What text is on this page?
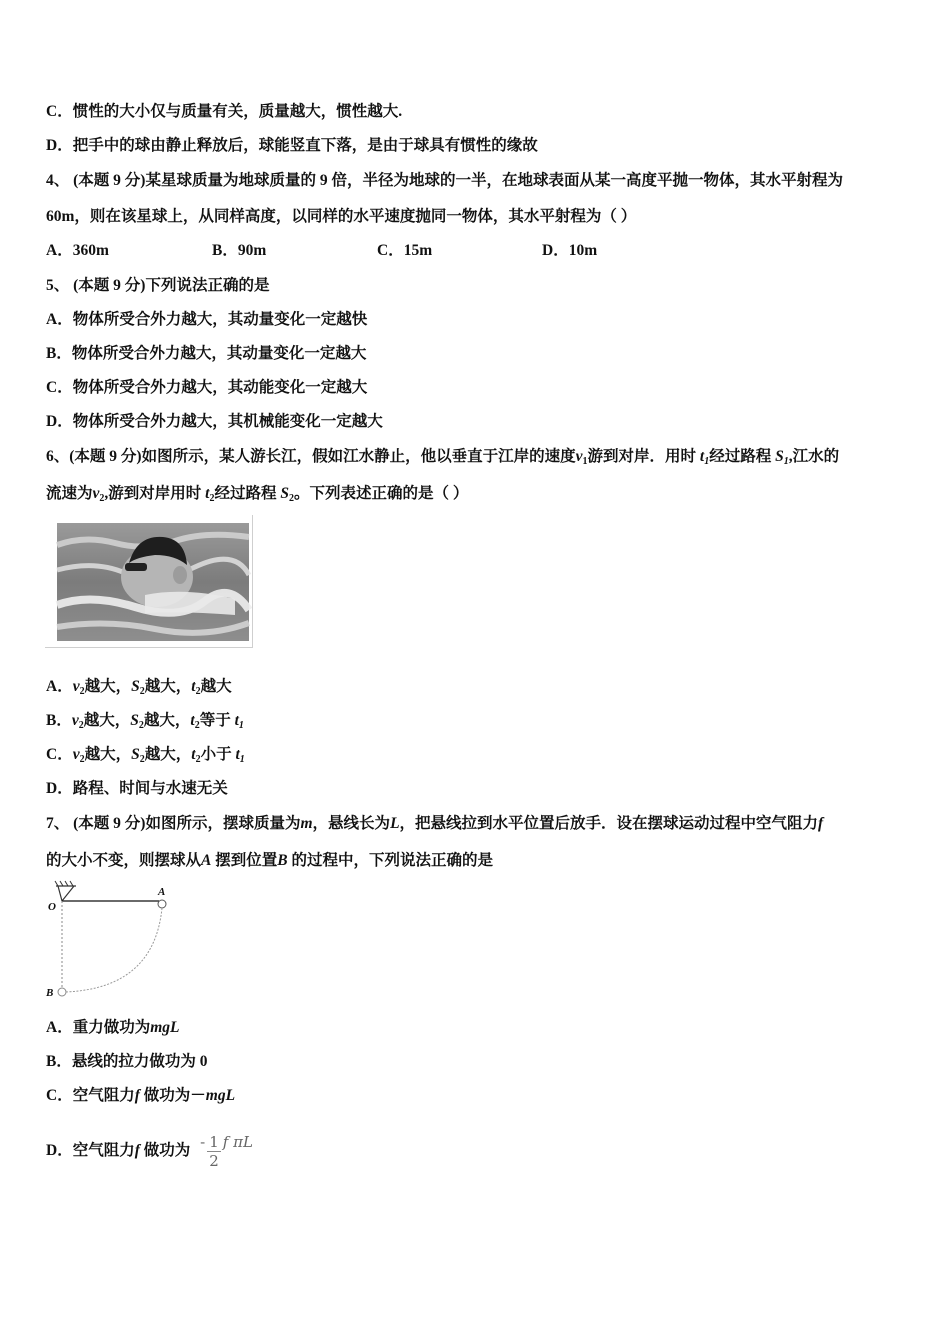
C．惯性的大小仅与质量有关，质量越大，惯性越大.
D．把手中的球由静止释放后，球能竖直下落，是由于球具有惯性的缘故
4、 (本题 9 分)某星球质量为地球质量的 9 倍，半径为地球的一半，在地球表面从某一高度平抛一物体，其水平射程为
60m，则在该星球上，从同样高度，以同样的水平速度抛同一物体，其水平射程为（ ）
A．360m	B．90m	C．15m	D．10m
5、 (本题 9 分)下列说法正确的是
A．物体所受合外力越大，其动量变化一定越快
B．物体所受合外力越大，其动量变化一定越大
C．物体所受合外力越大，其动能变化一定越大
D．物体所受合外力越大，其机械能变化一定越大
6、(本题 9 分)如图所示，某人游长江，假如江水静止，他以垂直于江岸的速度$v_1$游到对岸．用时 $t_1$经过路程 $S_1$,江水的
流速为$v_2$,游到对岸用时 $t_2$经过路程 $S_2$。下列表述正确的是（ ）
A．$v_2$越大，$S_2$越大，$t_2$越大
B．$v_2$越大，$S_2$越大，$t_2$等于 $t_1$
C．$v_2$越大，$S_2$越大，$t_2$小于 $t_1$
D．路程、时间与水速无关
7、 (本题 9 分)如图所示，摆球质量为m，悬线长为L，把悬线拉到水平位置后放手．设在摆球运动过程中空气阻力f
的大小不变，则摆球从A 摆到位置B 的过程中，下列说法正确的是
O
A
B
A．重力做功为mgL
B．悬线的拉力做功为 0
C．空气阻力f 做功为－mgL
D．空气阻力f 做功为 - $\frac{1}{2}$ f πL
